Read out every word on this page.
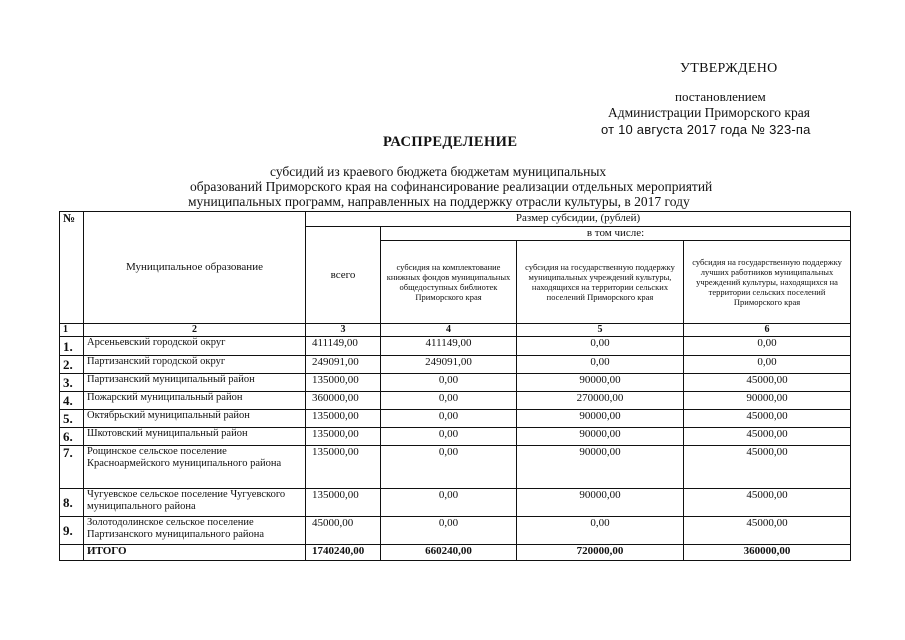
УТВЕРЖДЕНО
постановлением
Администрации Приморского края
от 10 августа 2017 года № 323-па
РАСПРЕДЕЛЕНИЕ
субсидий из краевого бюджета бюджетам муниципальных
образований Приморского края на софинансирование реализации отдельных мероприятий
муниципальных программ, направленных на поддержку отрасли культуры, в 2017 году
№	Муниципальное образование	Размер субсидии, (рублей)			
		всего	в том числе:		
			субсидия на комплектование книжных фондов муниципальных общедоступных библиотек Приморского края	субсидия на государственную поддержку муниципальных учреждений культуры, находящихся на территории сельских поселений Приморского края	субсидия на государственную поддержку лучших работников муниципальных учреждений культуры, находящихся на территории сельских поселений Приморского края
1	2	3	4	5	6
1.	Арсеньевский городской округ	411149,00	411149,00	0,00	0,00
2.	Партизанский городской округ	249091,00	249091,00	0,00	0,00
3.	Партизанский муниципальный район	135000,00	0,00	90000,00	45000,00
4.	Пожарский муниципальный район	360000,00	0,00	270000,00	90000,00
5.	Октябрьский муниципальный район	135000,00	0,00	90000,00	45000,00
6.	Шкотовский муниципальный район	135000,00	0,00	90000,00	45000,00
7.	Рощинское сельское поселение Красноармейского муниципального района	135000,00	0,00	90000,00	45000,00
8.	Чугуевское сельское поселение Чугуевского муниципального района	135000,00	0,00	90000,00	45000,00
9.	Золотодолинское сельское поселение Партизанского муниципального района	45000,00	0,00	0,00	45000,00
	ИТОГО	1740240,00	660240,00	720000,00	360000,00
